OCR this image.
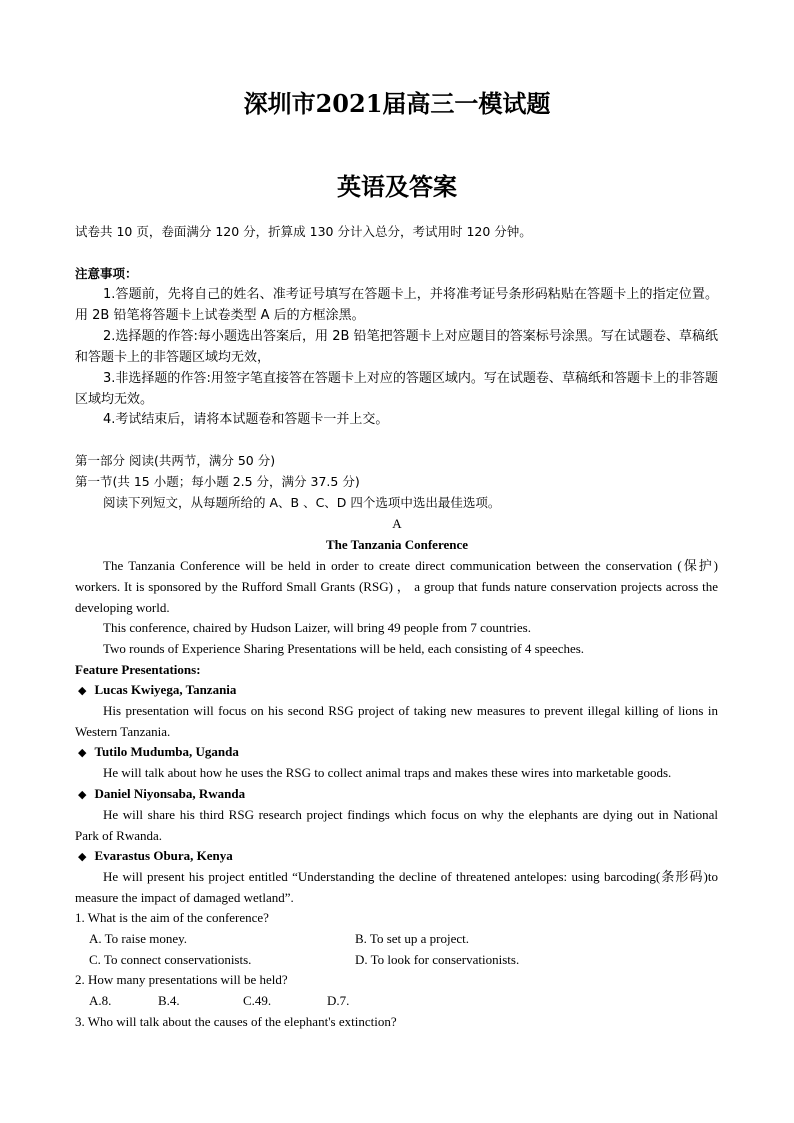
深圳市2021届高三一模试题
英语及答案
试卷共 10 页，卷面满分 120 分，折算成 130 分计入总分，考试用时 120 分钟。
注意事项：
1.答题前，先将自己的姓名、准考证号填写在答题卡上，并将准考证号条形码粘贴在答题卡上的指定位置。用 2B 铅笔将答题卡上试卷类型 A 后的方框涂黑。
2.选择题的作答:每小题选出答案后，用 2B 铅笔把答题卡上对应题目的答案标号涂黑。写在试题卷、草稿纸和答题卡上的非答题区域均无效，
3.非选择题的作答:用签字笔直接答在答题卡上对应的答题区域内。写在试题卷、草稿纸和答题卡上的非答题区域均无效。
4.考试结束后，请将本试题卷和答题卡一并上交。
第一部分 阅读(共两节，满分 50 分)
第一节(共 15 小题；每小题 2.5 分，满分 37.5 分)
阅读下列短文，从每题所给的 A、B 、C、D 四个选项中选出最佳选项。
A
The Tanzania Conference
The Tanzania Conference will be held in order to create direct communication between the conservation (保护) workers. It is sponsored by the Rufford Small Grants (RSG) ， a group that funds nature conservation projects across the developing world.
This conference, chaired by Hudson Laizer, will bring 49 people from 7 countries.
Two rounds of Experience Sharing Presentations will be held, each consisting of 4 speeches.
Feature Presentations:
◆ Lucas Kwiyega, Tanzania
His presentation will focus on his second RSG project of taking new measures to prevent illegal killing of lions in Western Tanzania.
◆ Tutilo Mudumba, Uganda
He will talk about how he uses the RSG to collect animal traps and makes these wires into marketable goods.
◆ Daniel Niyonsaba, Rwanda
He will share his third RSG research project findings which focus on why the elephants are dying out in National Park of Rwanda.
◆ Evarastus Obura, Kenya
He will present his project entitled “Understanding the decline of threatened antelopes: using barcoding(条形码)to measure the impact of damaged wetland”.
1. What is the aim of the conference?
A. To raise money.	B. To set up a project.
C. To connect conservationists.	D. To look for conservationists.
2. How many presentations will be held?
A.8.	B.4.	C.49.	D.7.
3. Who will talk about the causes of the elephant's extinction?
